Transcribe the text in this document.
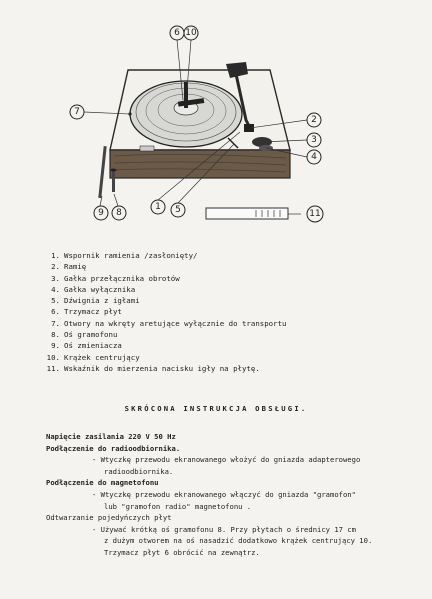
6 10
7
2
3
4
1 5
9 8	11
1. Wspornik ramienia /zasłonięty/
2. Ramię
3. Gałka przełącznika obrotów
4. Gałka wyłącznika
5. Dźwignia z igłami
6. Trzymacz płyt
7. Otwory na wkręty aretujące wyłącznie do transportu
8. Oś gramofonu
9. Oś zmieniacza
10. Krążek centrujący
11. Wskaźnik do mierzenia nacisku igły na płytę.
SKRÓCONA INSTRUKCJA OBSŁUGI.
Napięcie zasilania 220 V 50 Hz
Podłączenie do radioodbiornika.
- Wtyczkę przewodu ekranowanego włożyć do gniazda adapterowego
radioodbiornika.
Podłączenie do magnetofonu
- Wtyczkę przewodu ekranowanego włączyć do gniazda "gramofon"
lub "gramofon radio" magnetofonu .
Odtwarzanie pojedyńczych płyt
- Używać krótką oś gramofonu 8. Przy płytach o średnicy 17 cm
z dużym otworem na oś nasadzić dodatkowo krążek centrujący 10.
Trzymacz płyt 6 obrócić na zewnątrz.
